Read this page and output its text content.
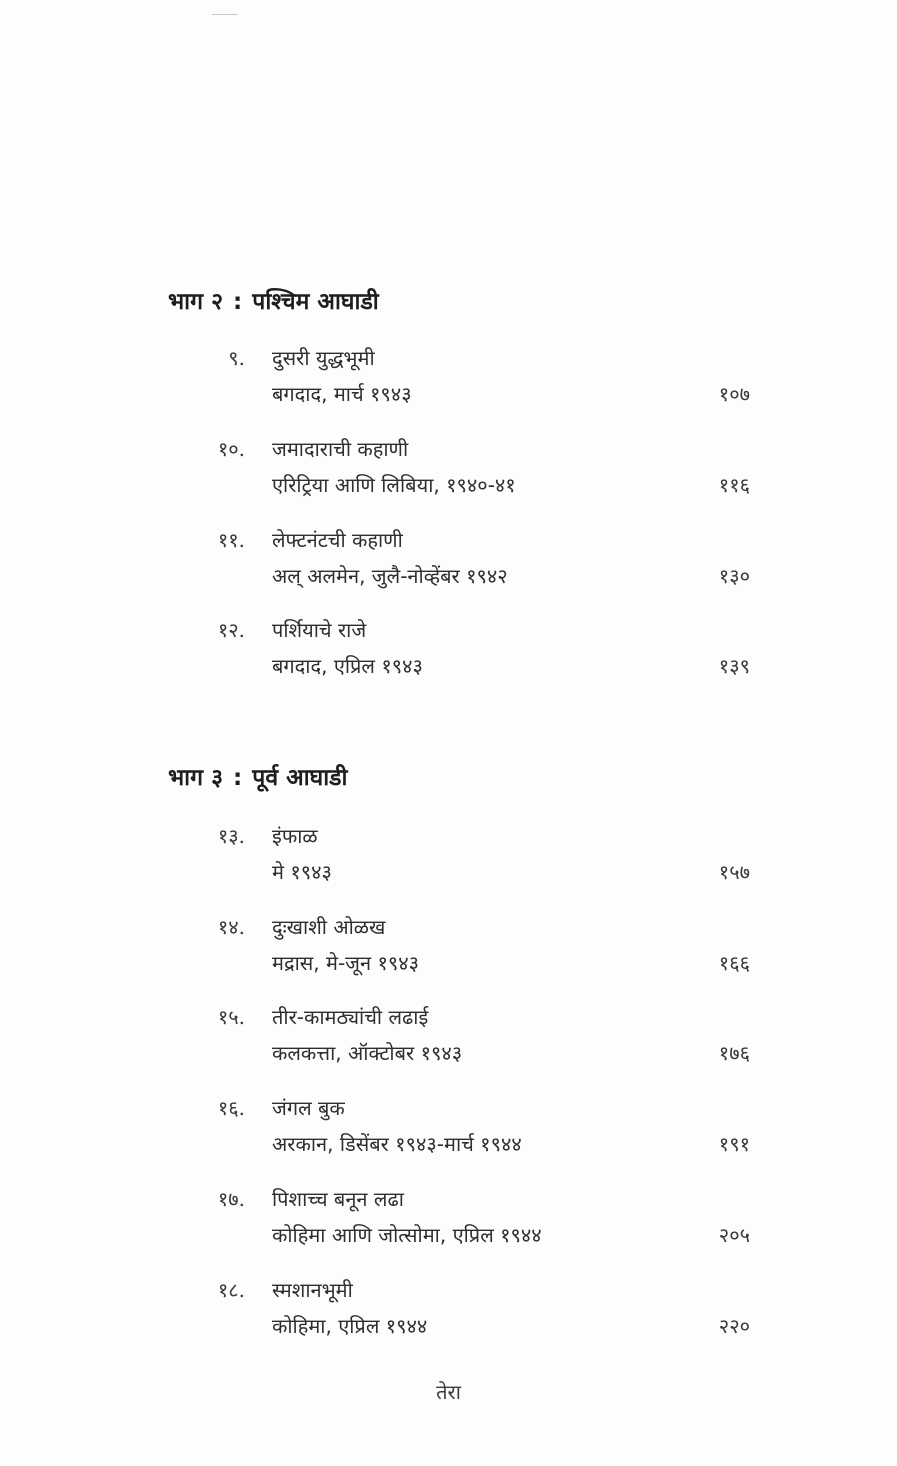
भाग २ : पश्चिम आघाडी
९. दुसरी युद्धभूमी
बगदाद, मार्च १९४३	१०७
१०. जमादाराची कहाणी
एरिट्रिया आणि लिबिया, १९४०-४१	११६
११. लेफ्टनंटची कहाणी
अल् अलमेन, जुलै-नोव्हेंबर १९४२	१३०
१२. पर्शियाचे राजे
बगदाद, एप्रिल १९४३	१३९
भाग ३ : पूर्व आघाडी
१३. इंफाळ
मे १९४३	१५७
१४. दुःखाशी ओळख
मद्रास, मे-जून १९४३	१६६
१५. तीर-कामठ्यांची लढाई
कलकत्ता, ऑक्टोबर १९४३	१७६
१६. जंगल बुक
अरकान, डिसेंबर १९४३-मार्च १९४४	१९१
१७. पिशाच्च बनून लढा
कोहिमा आणि जोत्सोमा, एप्रिल १९४४	२०५
१८. स्मशानभूमी
कोहिमा, एप्रिल १९४४	२२०
तेरा
